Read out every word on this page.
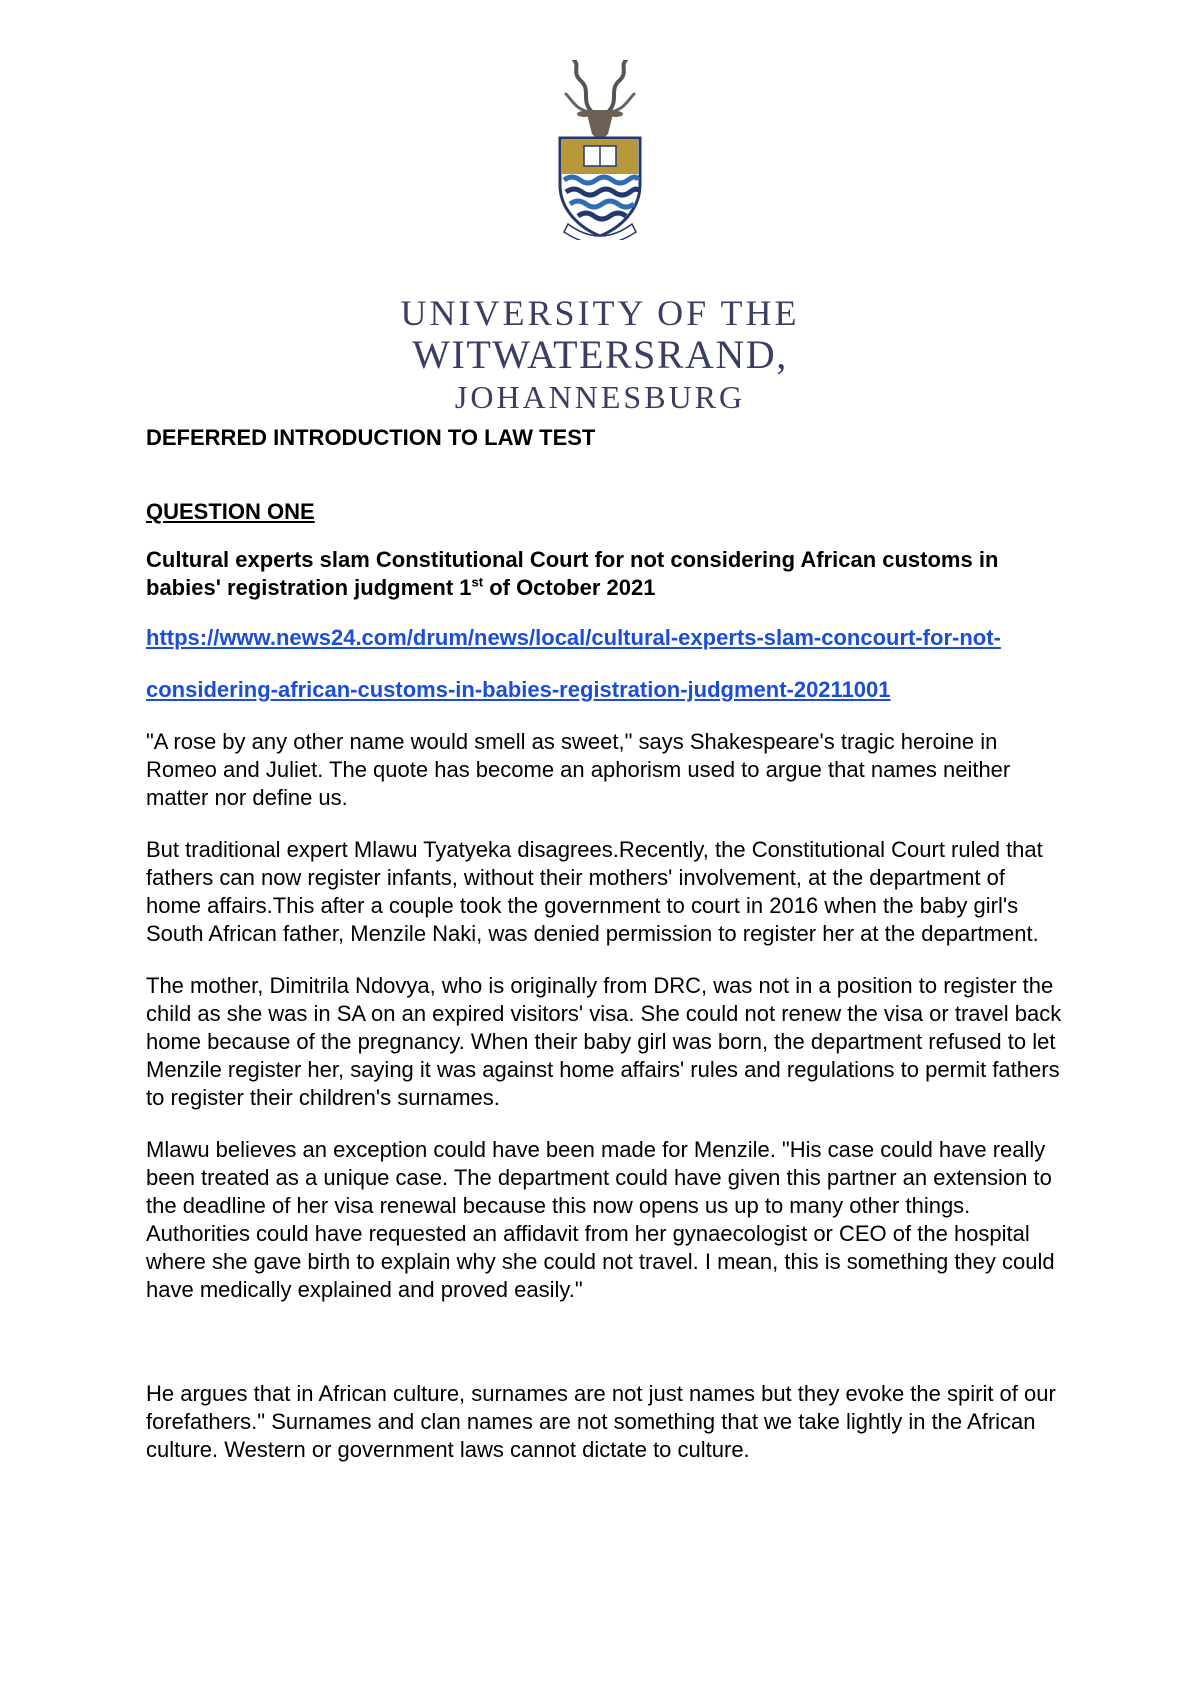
UNIVERSITY OF THE
WITWATERSRAND,
JOHANNESBURG

DEFERRED INTRODUCTION TO LAW TEST

QUESTION ONE

Cultural experts slam Constitutional Court for not considering African customs in babies' registration judgment 1st of October 2021

https://www.news24.com/drum/news/local/cultural-experts-slam-concourt-for-not-

considering-african-customs-in-babies-registration-judgment-20211001

"A rose by any other name would smell as sweet," says Shakespeare's tragic heroine in Romeo and Juliet. The quote has become an aphorism used to argue that names neither matter nor define us.

But traditional expert Mlawu Tyatyeka disagrees.Recently, the Constitutional Court ruled that fathers can now register infants, without their mothers' involvement, at the department of home affairs.This after a couple took the government to court in 2016 when the baby girl's South African father, Menzile Naki, was denied permission to register her at the department.

The mother, Dimitrila Ndovya, who is originally from DRC, was not in a position to register the child as she was in SA on an expired visitors' visa. She could not renew the visa or travel back home because of the pregnancy. When their baby girl was born, the department refused to let Menzile register her, saying it was against home affairs' rules and regulations to permit fathers to register their children's surnames.

Mlawu believes an exception could have been made for Menzile. "His case could have really been treated as a unique case. The department could have given this partner an extension to the deadline of her visa renewal because this now opens us up to many other things. Authorities could have requested an affidavit from her gynaecologist or CEO of the hospital where she gave birth to explain why she could not travel. I mean, this is something they could have medically explained and proved easily."

He argues that in African culture, surnames are not just names but they evoke the spirit of our forefathers." Surnames and clan names are not something that we take lightly in the African culture. Western or government laws cannot dictate to culture.
